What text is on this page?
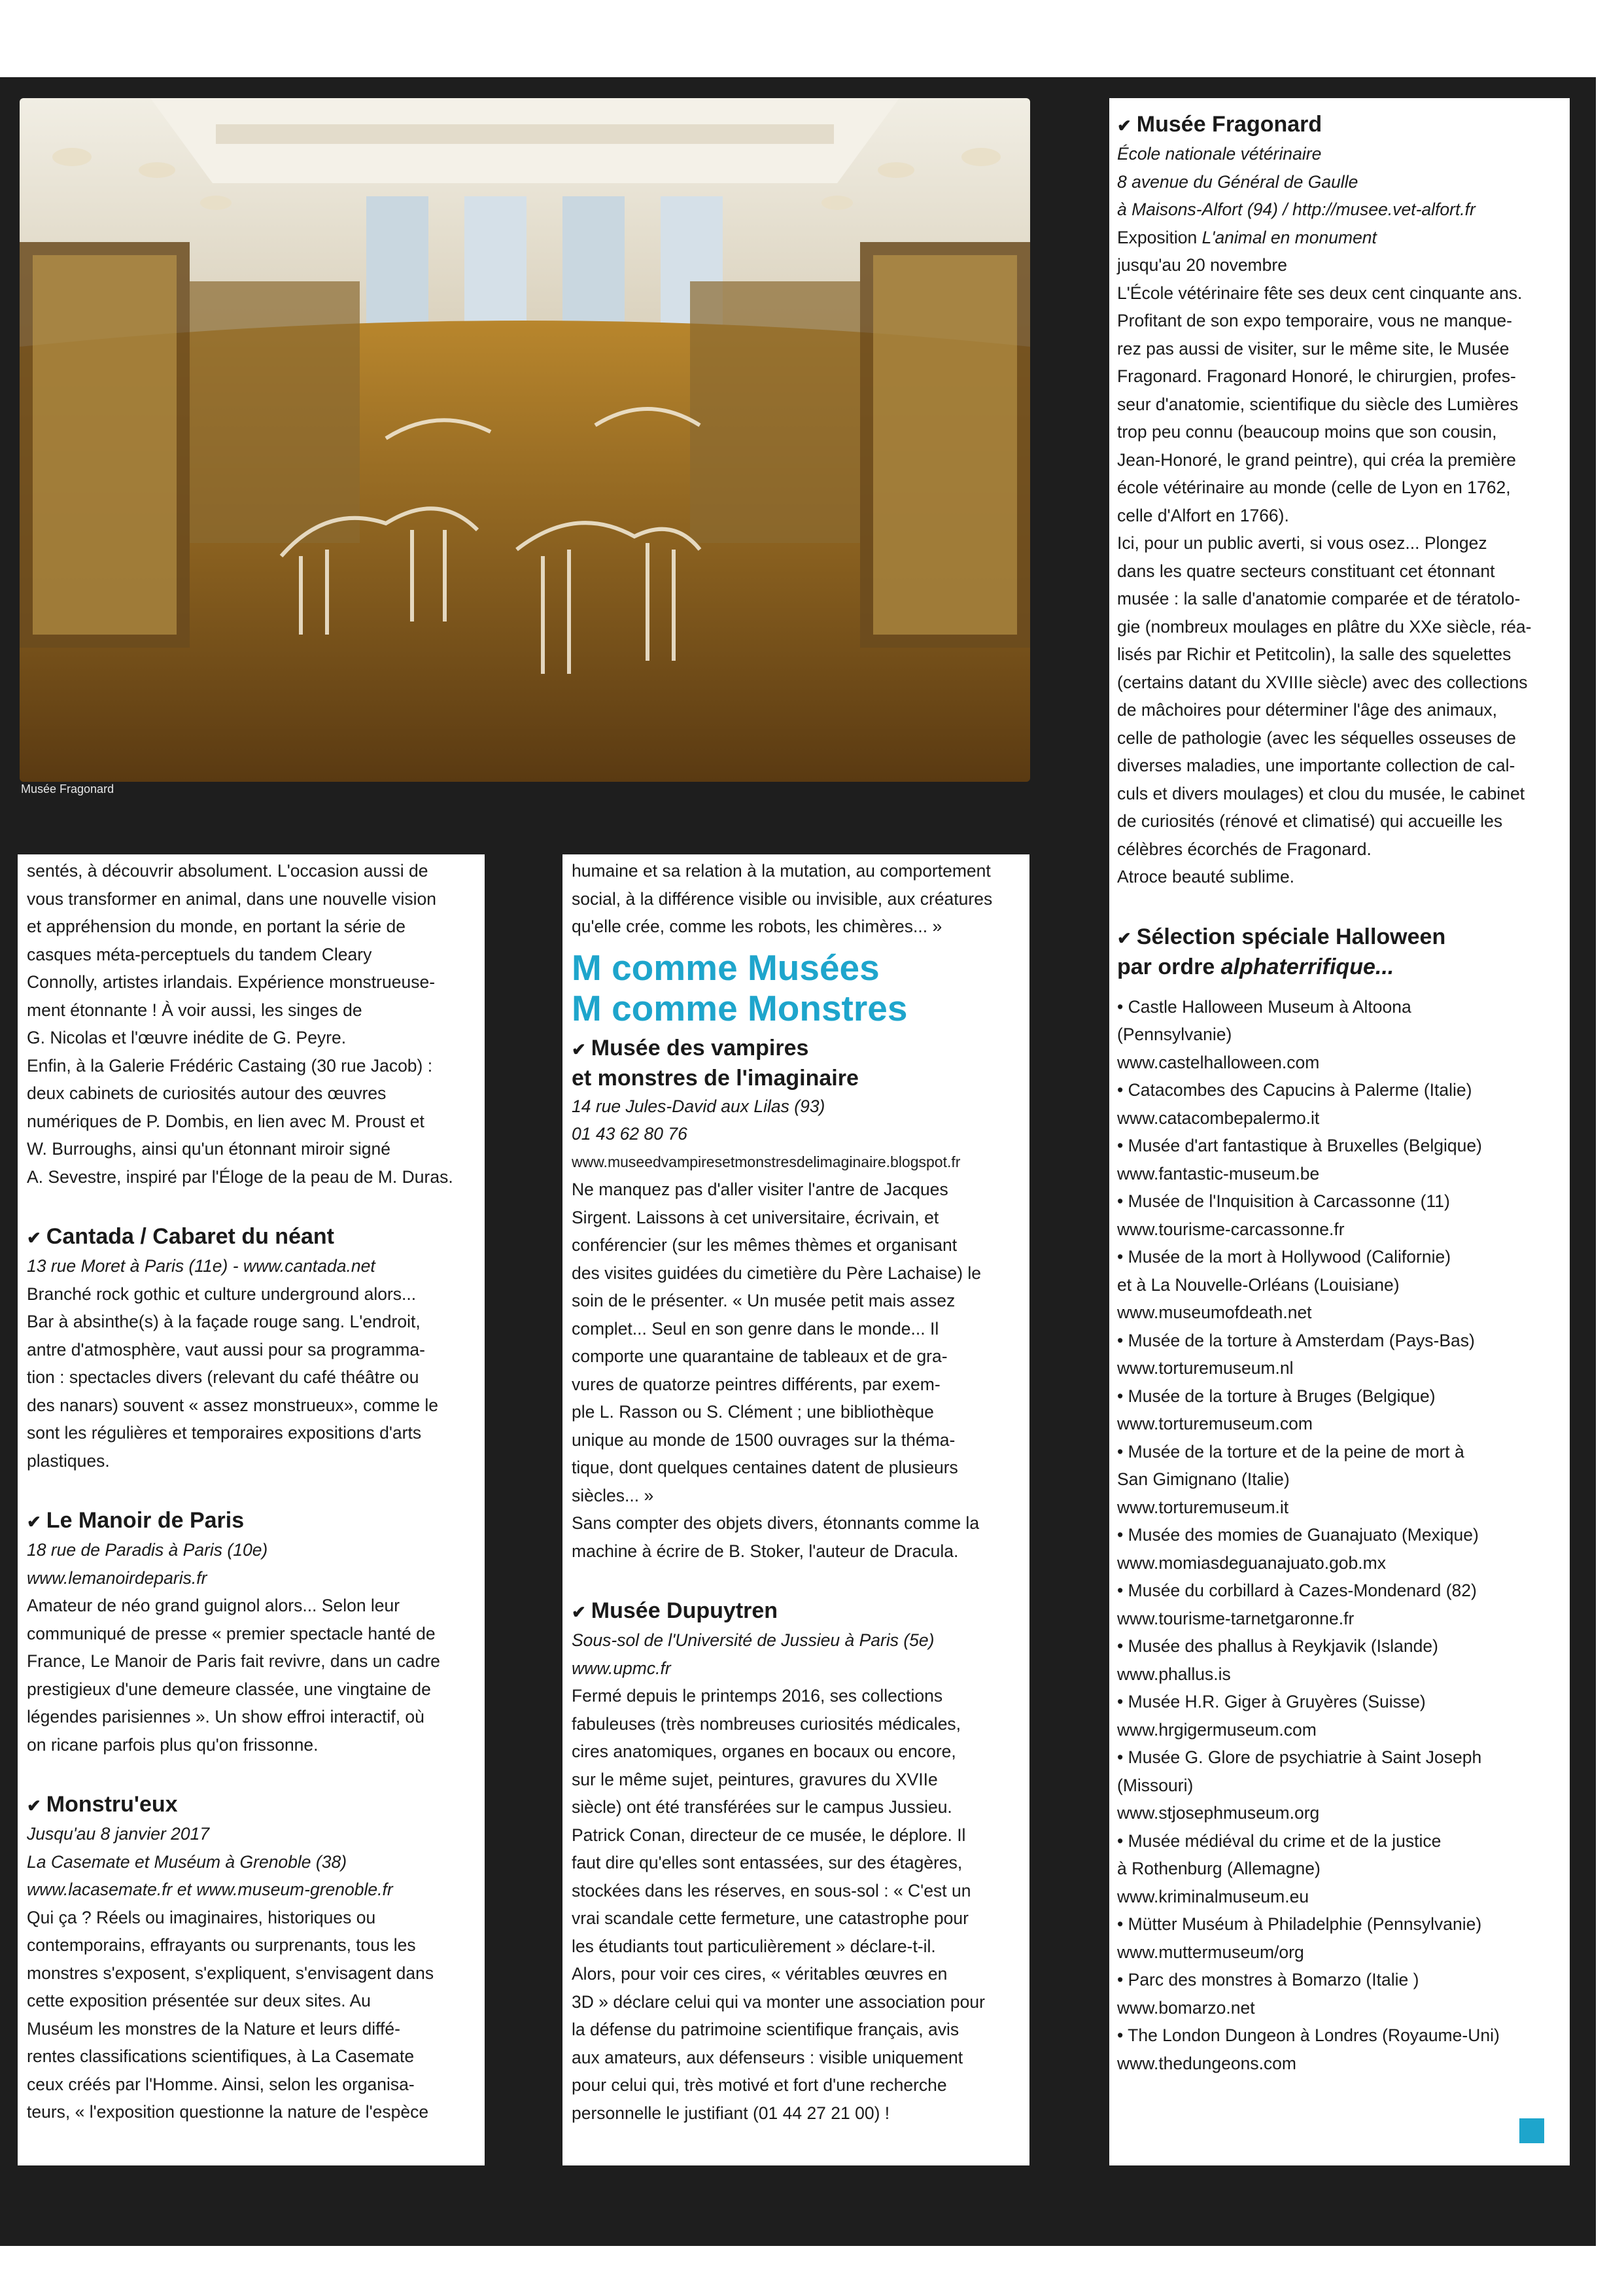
Musée Fragonard
sentés, à découvrir absolument. L'occasion aussi de
vous transformer en animal, dans une nouvelle vision
et appréhension du monde, en portant la série de
casques méta-perceptuels du tandem Cleary
Connolly, artistes irlandais. Expérience monstrueuse-
ment étonnante ! À voir aussi, les singes de
G. Nicolas et l'œuvre inédite de G. Peyre.
Enfin, à la Galerie Frédéric Castaing (30 rue Jacob) :
deux cabinets de curiosités autour des œuvres
numériques de P. Dombis, en lien avec M. Proust et
W. Burroughs, ainsi qu'un étonnant miroir signé
A. Sevestre, inspiré par l'Éloge de la peau de M. Duras.
✔ Cantada / Cabaret du néant
13 rue Moret à Paris (11e) - www.cantada.net
Branché rock gothic et culture underground alors...
Bar à absinthe(s) à la façade rouge sang. L'endroit,
antre d'atmosphère, vaut aussi pour sa programma-
tion : spectacles divers (relevant du café théâtre ou
des nanars) souvent « assez monstrueux», comme le
sont les régulières et temporaires expositions d'arts
plastiques.
✔ Le Manoir de Paris
18 rue de Paradis à Paris (10e)
www.lemanoirdeparis.fr
Amateur de néo grand guignol alors... Selon leur
communiqué de presse « premier spectacle hanté de
France, Le Manoir de Paris fait revivre, dans un cadre
prestigieux d'une demeure classée, une vingtaine de
légendes parisiennes ». Un show effroi interactif, où
on ricane parfois plus qu'on frissonne.
✔ Monstru'eux
Jusqu'au 8 janvier 2017
La Casemate et Muséum à Grenoble (38)
www.lacasemate.fr et www.museum-grenoble.fr
Qui ça ? Réels ou imaginaires, historiques ou
contemporains, effrayants ou surprenants, tous les
monstres s'exposent, s'expliquent, s'envisagent dans
cette exposition présentée sur deux sites. Au
Muséum les monstres de la Nature et leurs diffé-
rentes classifications scientifiques, à La Casemate
ceux créés par l'Homme. Ainsi, selon les organisa-
teurs, « l'exposition questionne la nature de l'espèce
humaine et sa relation à la mutation, au comportement
social, à la différence visible ou invisible, aux créatures
qu'elle crée, comme les robots, les chimères... »
M comme Musées
M comme Monstres
✔ Musée des vampires
et monstres de l'imaginaire
14 rue Jules-David aux Lilas (93)
01 43 62 80 76
www.museedvampiresetmonstresdelimaginaire.blogspot.fr
Ne manquez pas d'aller visiter l'antre de Jacques
Sirgent. Laissons à cet universitaire, écrivain, et
conférencier (sur les mêmes thèmes et organisant
des visites guidées du cimetière du Père Lachaise) le
soin de le présenter. « Un musée petit mais assez
complet... Seul en son genre dans le monde... Il
comporte une quarantaine de tableaux et de gra-
vures de quatorze peintres différents, par exem-
ple L. Rasson ou S. Clément ; une bibliothèque
unique au monde de 1500 ouvrages sur la théma-
tique, dont quelques centaines datent de plusieurs
siècles... »
Sans compter des objets divers, étonnants comme la
machine à écrire de B. Stoker, l'auteur de Dracula.
✔ Musée Dupuytren
Sous-sol de l'Université de Jussieu à Paris (5e)
www.upmc.fr
Fermé depuis le printemps 2016, ses collections
fabuleuses (très nombreuses curiosités médicales,
cires anatomiques, organes en bocaux ou encore,
sur le même sujet, peintures, gravures du XVIIe
siècle) ont été transférées sur le campus Jussieu.
Patrick Conan, directeur de ce musée, le déplore. Il
faut dire qu'elles sont entassées, sur des étagères,
stockées dans les réserves, en sous-sol : « C'est un
vrai scandale cette fermeture, une catastrophe pour
les étudiants tout particulièrement » déclare-t-il.
Alors, pour voir ces cires, « véritables œuvres en
3D » déclare celui qui va monter une association pour
la défense du patrimoine scientifique français, avis
aux amateurs, aux défenseurs : visible uniquement
pour celui qui, très motivé et fort d'une recherche
personnelle le justifiant (01 44 27 21 00) !
✔ Musée Fragonard
École nationale vétérinaire
8 avenue du Général de Gaulle
à Maisons-Alfort (94) / http://musee.vet-alfort.fr
Exposition L'animal en monument
jusqu'au 20 novembre
L'École vétérinaire fête ses deux cent cinquante ans.
Profitant de son expo temporaire, vous ne manque-
rez pas aussi de visiter, sur le même site, le Musée
Fragonard. Fragonard Honoré, le chirurgien, profes-
seur d'anatomie, scientifique du siècle des Lumières
trop peu connu (beaucoup moins que son cousin,
Jean-Honoré, le grand peintre), qui créa la première
école vétérinaire au monde (celle de Lyon en 1762,
celle d'Alfort en 1766).
Ici, pour un public averti, si vous osez... Plongez
dans les quatre secteurs constituant cet étonnant
musée : la salle d'anatomie comparée et de tératolo-
gie (nombreux moulages en plâtre du XXe siècle, réa-
lisés par Richir et Petitcolin), la salle des squelettes
(certains datant du XVIIIe siècle) avec des collections
de mâchoires pour déterminer l'âge des animaux,
celle de pathologie (avec les séquelles osseuses de
diverses maladies, une importante collection de cal-
culs et divers moulages) et clou du musée, le cabinet
de curiosités (rénové et climatisé) qui accueille les
célèbres écorchés de Fragonard.
Atroce beauté sublime.
✔ Sélection spéciale Halloween
par ordre alphaterrifique...
• Castle Halloween Museum à Altoona
(Pennsylvanie)
www.castelhalloween.com
• Catacombes des Capucins à Palerme (Italie)
www.catacombepalermo.it
• Musée d'art fantastique à Bruxelles (Belgique)
www.fantastic-museum.be
• Musée de l'Inquisition à Carcassonne (11)
www.tourisme-carcassonne.fr
• Musée de la mort à Hollywood (Californie)
et à La Nouvelle-Orléans (Louisiane)
www.museumofdeath.net
• Musée de la torture à Amsterdam (Pays-Bas)
www.torturemuseum.nl
• Musée de la torture à Bruges (Belgique)
www.torturemuseum.com
• Musée de la torture et de la peine de mort à
San Gimignano (Italie)
www.torturemuseum.it
• Musée des momies de Guanajuato (Mexique)
www.momiasdeguanajuato.gob.mx
• Musée du corbillard à Cazes-Mondenard (82)
www.tourisme-tarnetgaronne.fr
• Musée des phallus à Reykjavik (Islande)
www.phallus.is
• Musée H.R. Giger à Gruyères (Suisse)
www.hrgigermuseum.com
• Musée G. Glore de psychiatrie à Saint Joseph
(Missouri)
www.stjosephmuseum.org
• Musée médiéval du crime et de la justice
à Rothenburg (Allemagne)
www.kriminalmuseum.eu
• Mütter Muséum à Philadelphie (Pennsylvanie)
www.muttermuseum/org
• Parc des monstres à Bomarzo (Italie )
www.bomarzo.net
• The London Dungeon à Londres (Royaume-Uni)
www.thedungeons.com
